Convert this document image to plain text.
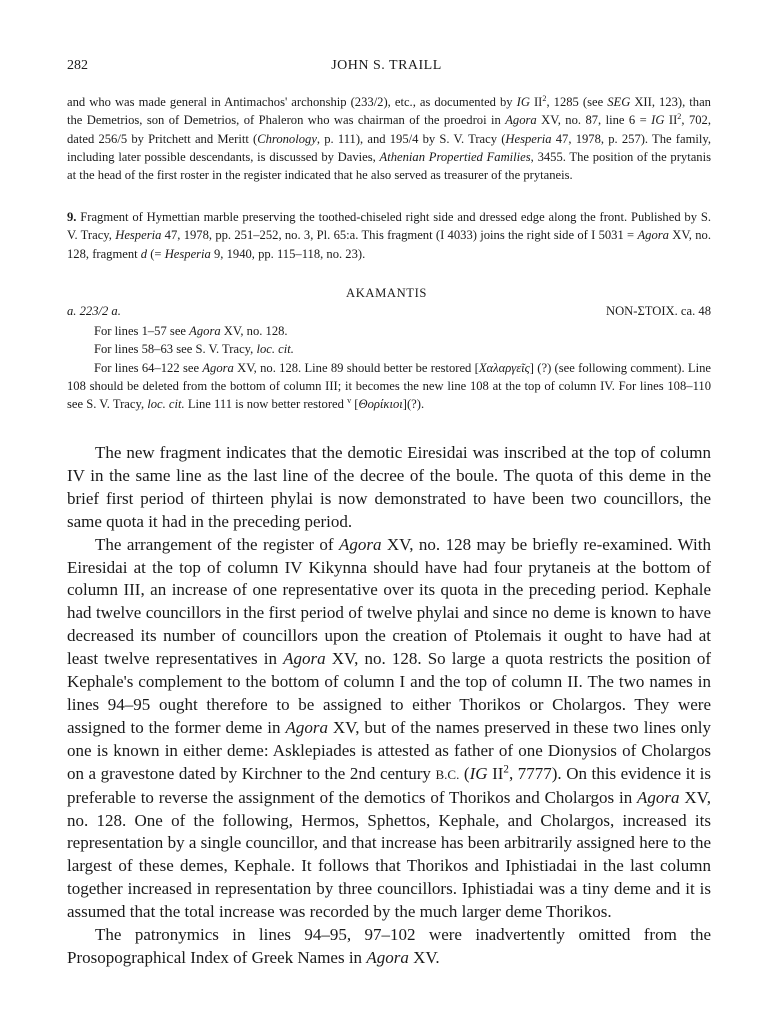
282	JOHN S. TRAILL

and who was made general in Antimachos' archonship (233/2), etc., as documented by IG $II^2$, 1285 (see SEG XII, 123), than the Demetrios, son of Demetrios, of Phaleron who was chairman of the proedroi in Agora XV, no. 87, line 6 = IG $II^2$, 702, dated 256/5 by Pritchett and Meritt (Chronology, p. 111), and 195/4 by S. V. Tracy (Hesperia 47, 1978, p. 257). The family, including later possible descendants, is discussed by Davies, Athenian Propertied Families, 3455. The position of the prytanis at the head of the first roster in the register indicated that he also served as treasurer of the prytaneis.

9. Fragment of Hymettian marble preserving the toothed-chiseled right side and dressed edge along the front. Published by S. V. Tracy, Hesperia 47, 1978, pp. 251–252, no. 3, Pl. 65:a. This fragment (I 4033) joins the right side of I 5031 = Agora XV, no. 128, fragment d (= Hesperia 9, 1940, pp. 115–118, no. 23).

AKAMANTIS
a. 223/2 a.	NON-ΣΤΟΙΧ. ca. 48

For lines 1–57 see Agora XV, no. 128.

For lines 58–63 see S. V. Tracy, loc. cit.

For lines 64–122 see Agora XV, no. 128. Line 89 should better be restored [Χαλαργεῖς] (?) (see following comment). Line 108 should be deleted from the bottom of column III; it becomes the new line 108 at the top of column IV. For lines 108–110 see S. V. Tracy, loc. cit. Line 111 is now better restored $^v$ [Θορίκιοι](?).

The new fragment indicates that the demotic Eiresidai was inscribed at the top of column IV in the same line as the last line of the decree of the boule. The quota of this deme in the brief first period of thirteen phylai is now demonstrated to have been two councillors, the same quota it had in the preceding period.

The arrangement of the register of Agora XV, no. 128 may be briefly re-examined. With Eiresidai at the top of column IV Kikynna should have had four prytaneis at the bottom of column III, an increase of one representative over its quota in the preceding period. Kephale had twelve councillors in the first period of twelve phylai and since no deme is known to have decreased its number of councillors upon the creation of Ptolemais it ought to have had at least twelve representatives in Agora XV, no. 128. So large a quota restricts the position of Kephale's complement to the bottom of column I and the top of column II. The two names in lines 94–95 ought therefore to be assigned to either Thorikos or Cholargos. They were assigned to the former deme in Agora XV, but of the names preserved in these two lines only one is known in either deme: Asklepiades is attested as father of one Dionysios of Cholargos on a gravestone dated by Kirchner to the 2nd century B.C. (IG $II^2$, 7777). On this evidence it is preferable to reverse the assignment of the demotics of Thorikos and Cholargos in Agora XV, no. 128. One of the following, Hermos, Sphettos, Kephale, and Cholargos, increased its representation by a single councillor, and that increase has been arbitrarily assigned here to the largest of these demes, Kephale. It follows that Thorikos and Iphistiadai in the last column together increased in representation by three councillors. Iphistiadai was a tiny deme and it is assumed that the total increase was recorded by the much larger deme Thorikos.

The patronymics in lines 94–95, 97–102 were inadvertently omitted from the Prosopographical Index of Greek Names in Agora XV.
